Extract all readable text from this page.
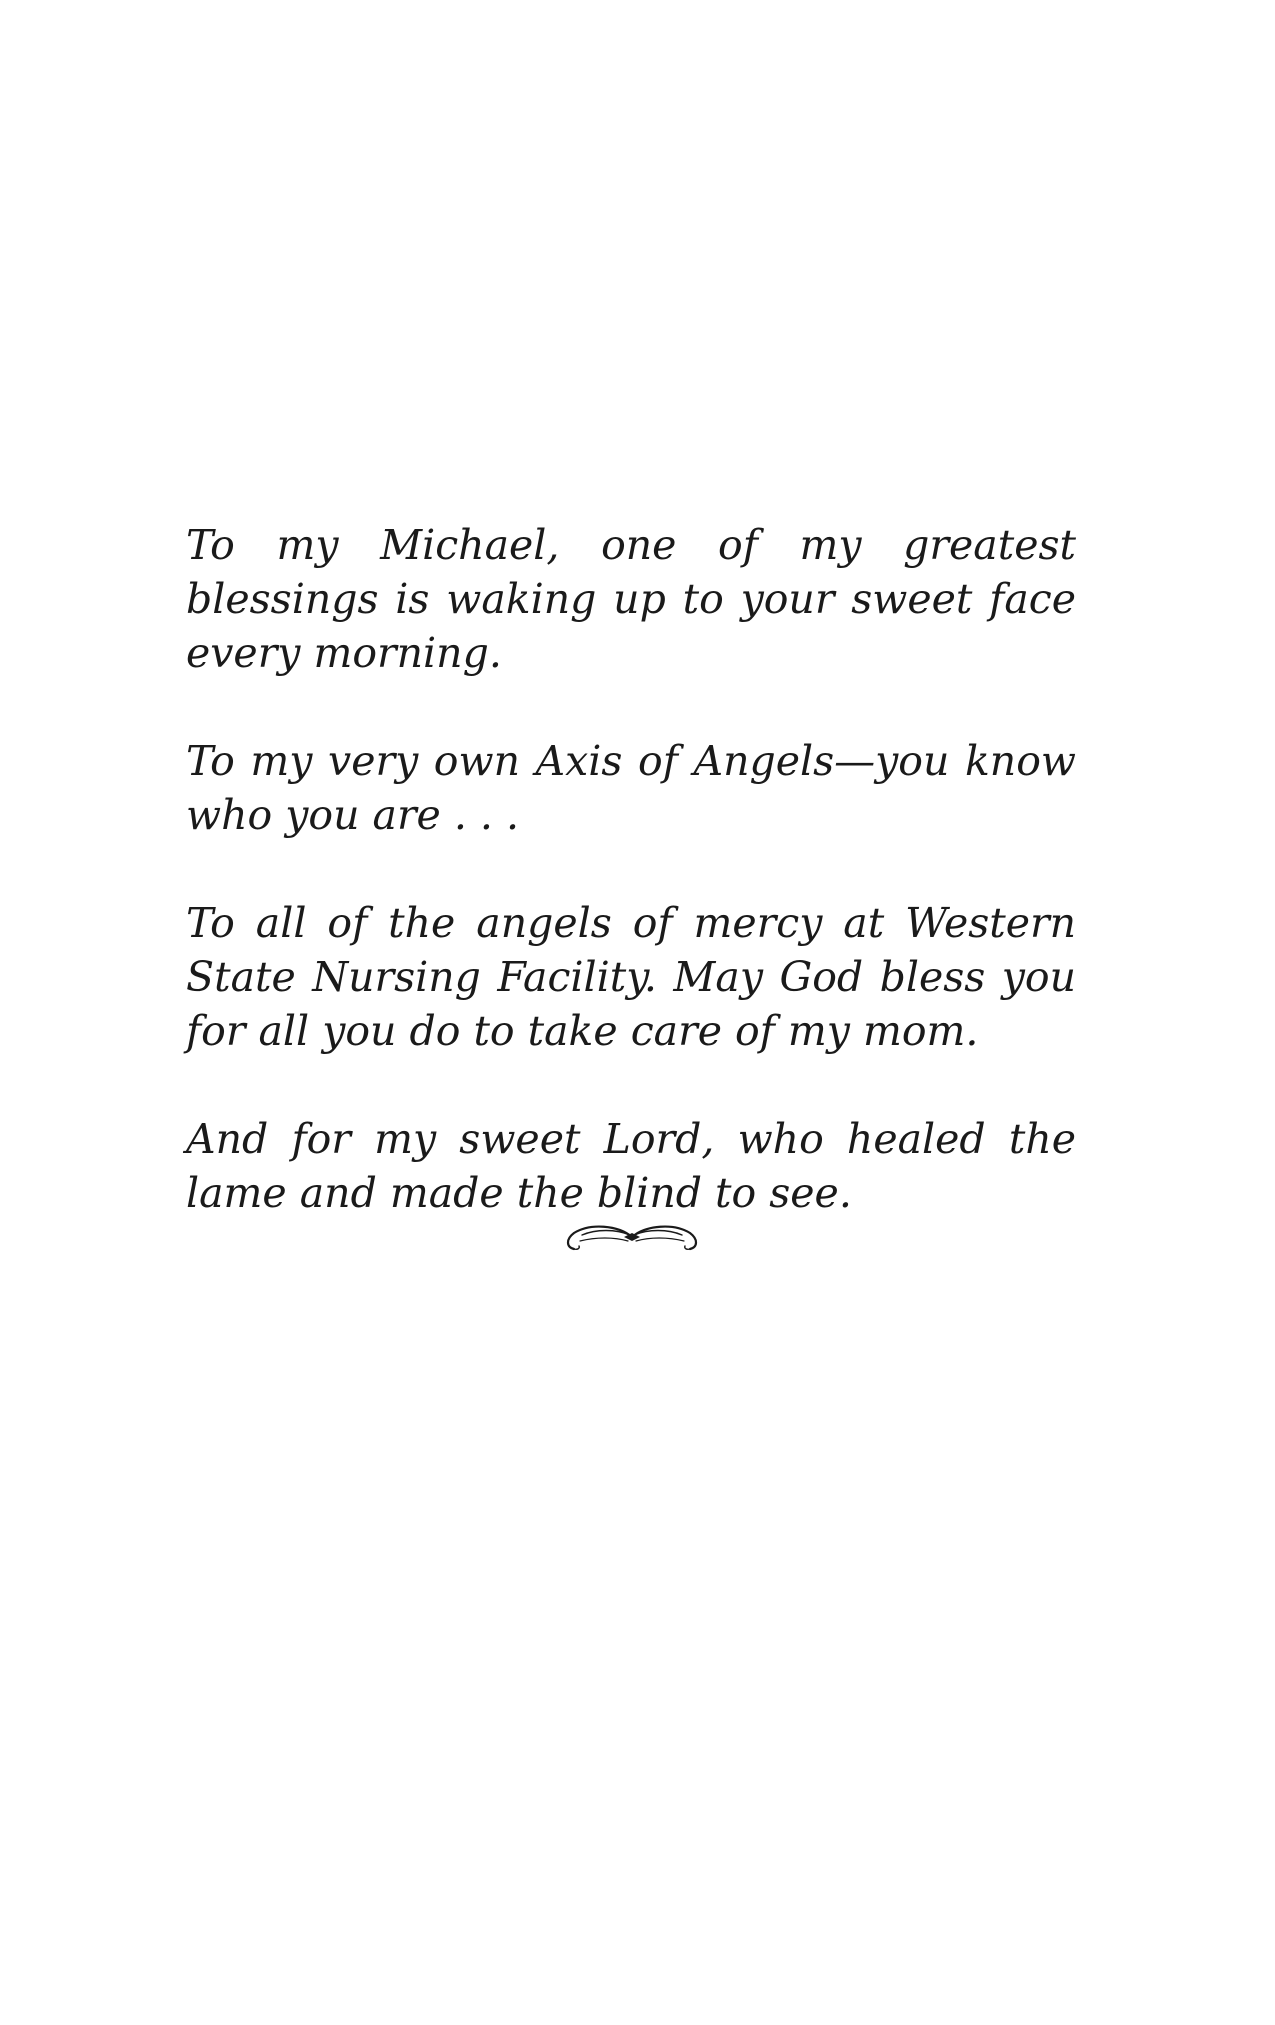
To my Michael, one of my greatest blessings is waking up to your sweet face every morning.

To my very own Axis of Angels—you know who you are . . .

To all of the angels of mercy at Western State Nursing Facility. May God bless you for all you do to take care of my mom.

And for my sweet Lord, who healed the lame and made the blind to see.
